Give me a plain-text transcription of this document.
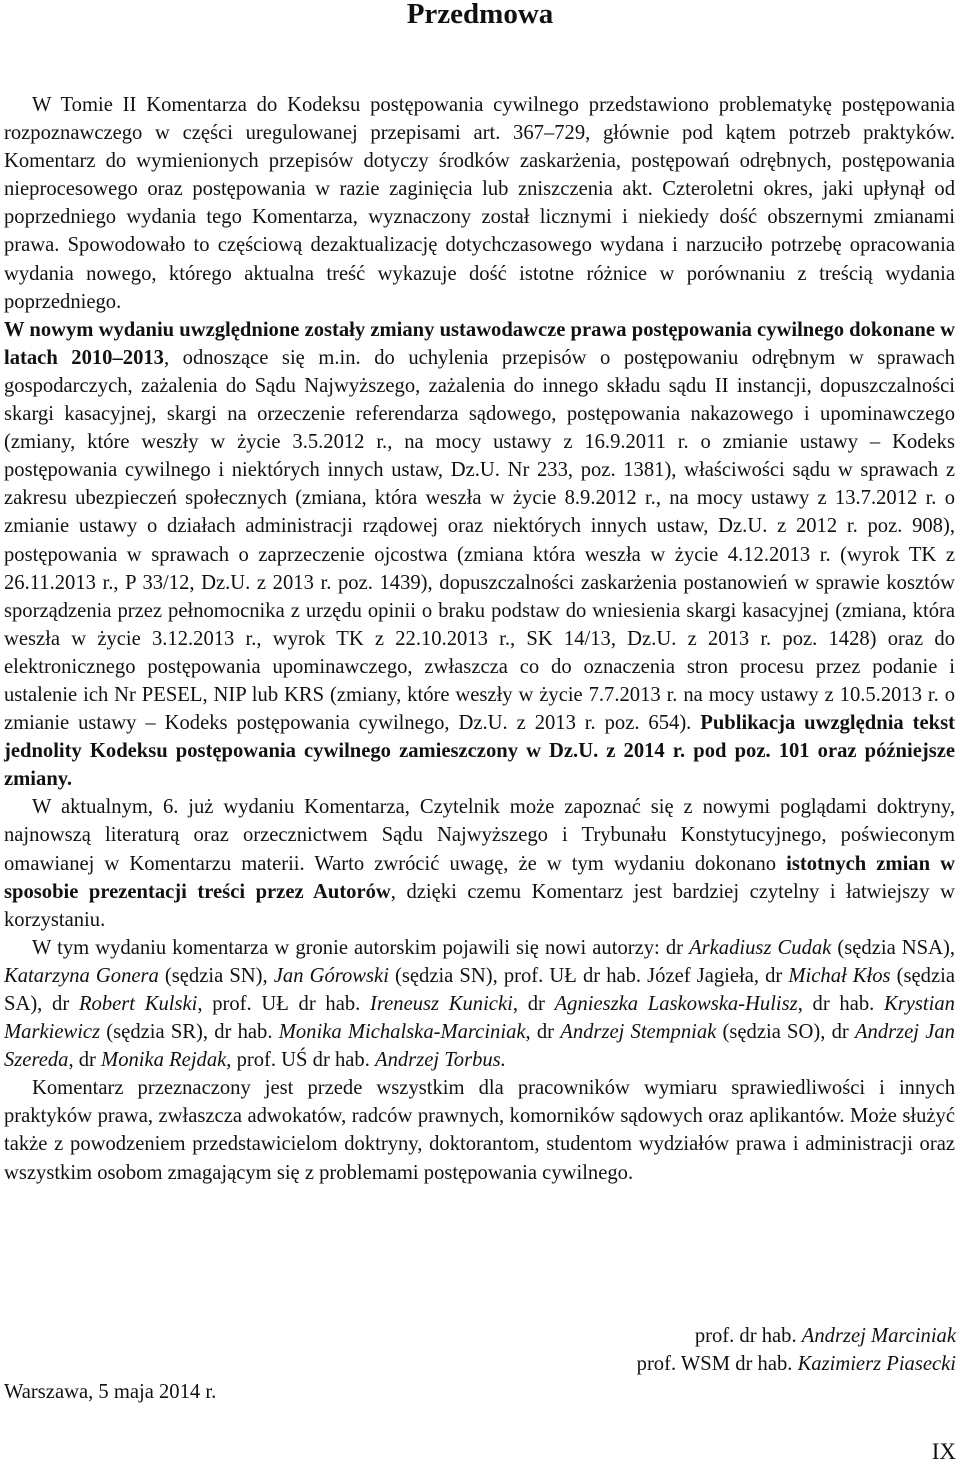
Przedmowa

W Tomie II Komentarza do Kodeksu postępowania cywilnego przedstawiono problematykę postępowania rozpoznawczego w części uregulowanej przepisami art. 367–729, głównie pod kątem potrzeb praktyków. Komentarz do wymienionych przepisów dotyczy środków zaskarżenia, postępowań odrębnych, postępowania nieprocesowego oraz postępowania w razie zaginięcia lub zniszczenia akt. Czteroletni okres, jaki upłynął od poprzedniego wydania tego Komentarza, wyznaczony został licznymi i niekiedy dość obszernymi zmianami prawa. Spowodowało to częściową dezaktualizację dotychczasowego wydana i narzuciło potrzebę opracowania wydania nowego, którego aktualna treść wykazuje dość istotne różnice w porównaniu z treścią wydania poprzedniego.

W nowym wydaniu uwzględnione zostały zmiany ustawodawcze prawa postępowania cywilnego dokonane w latach 2010–2013, odnoszące się m.in. do uchylenia przepisów o postępowaniu odrębnym w sprawach gospodarczych, zażalenia do Sądu Najwyższego, zażalenia do innego składu sądu II instancji, dopuszczalności skargi kasacyjnej, skargi na orzeczenie referendarza sądowego, postępowania nakazowego i upominawczego (zmiany, które weszły w życie 3.5.2012 r., na mocy ustawy z 16.9.2011 r. o zmianie ustawy – Kodeks postępowania cywilnego i niektórych innych ustaw, Dz.U. Nr 233, poz. 1381), właściwości sądu w sprawach z zakresu ubezpieczeń społecznych (zmiana, która weszła w życie 8.9.2012 r., na mocy ustawy z 13.7.2012 r. o zmianie ustawy o działach administracji rządowej oraz niektórych innych ustaw, Dz.U. z 2012 r. poz. 908), postępowania w sprawach o zaprzeczenie ojcostwa (zmiana która weszła w życie 4.12.2013 r. (wyrok TK z 26.11.2013 r., P 33/12, Dz.U. z 2013 r. poz. 1439), dopuszczalności zaskarżenia postanowień w sprawie kosztów sporządzenia przez pełnomocnika z urzędu opinii o braku podstaw do wniesienia skargi kasacyjnej (zmiana, która weszła w życie 3.12.2013 r., wyrok TK z 22.10.2013 r., SK 14/13, Dz.U. z 2013 r. poz. 1428) oraz do elektronicznego postępowania upominawczego, zwłaszcza co do oznaczenia stron procesu przez podanie i ustalenie ich Nr PESEL, NIP lub KRS (zmiany, które weszły w życie 7.7.2013 r. na mocy ustawy z 10.5.2013 r. o zmianie ustawy – Kodeks postępowania cywilnego, Dz.U. z 2013 r. poz. 654). Publikacja uwzględnia tekst jednolity Kodeksu postępowania cywilnego zamieszczony w Dz.U. z 2014 r. pod poz. 101 oraz późniejsze zmiany.

W aktualnym, 6. już wydaniu Komentarza, Czytelnik może zapoznać się z nowymi poglądami doktryny, najnowszą literaturą oraz orzecznictwem Sądu Najwyższego i Trybunału Konstytucyjnego, poświeconym omawianej w Komentarzu materii. Warto zwrócić uwagę, że w tym wydaniu dokonano istotnych zmian w sposobie prezentacji treści przez Autorów, dzięki czemu Komentarz jest bardziej czytelny i łatwiejszy w korzystaniu.

W tym wydaniu komentarza w gronie autorskim pojawili się nowi autorzy: dr Arkadiusz Cudak (sędzia NSA), Katarzyna Gonera (sędzia SN), Jan Górowski (sędzia SN), prof. UŁ dr hab. Józef Jagieła, dr Michał Kłos (sędzia SA), dr Robert Kulski, prof. UŁ dr hab. Ireneusz Kunicki, dr Agnieszka Laskowska-Hulisz, dr hab. Krystian Markiewicz (sędzia SR), dr hab. Monika Michalska-Marciniak, dr Andrzej Stempniak (sędzia SO), dr Andrzej Jan Szereda, dr Monika Rejdak, prof. UŚ dr hab. Andrzej Torbus.

Komentarz przeznaczony jest przede wszystkim dla pracowników wymiaru sprawiedliwości i innych praktyków prawa, zwłaszcza adwokatów, radców prawnych, komorników sądowych oraz aplikantów. Może służyć także z powodzeniem przedstawicielom doktryny, doktorantom, studentom wydziałów prawa i administracji oraz wszystkim osobom zmagającym się z problemami postępowania cywilnego.

prof. dr hab. Andrzej Marciniak
prof. WSM dr hab. Kazimierz Piasecki
Warszawa, 5 maja 2014 r.
IX
